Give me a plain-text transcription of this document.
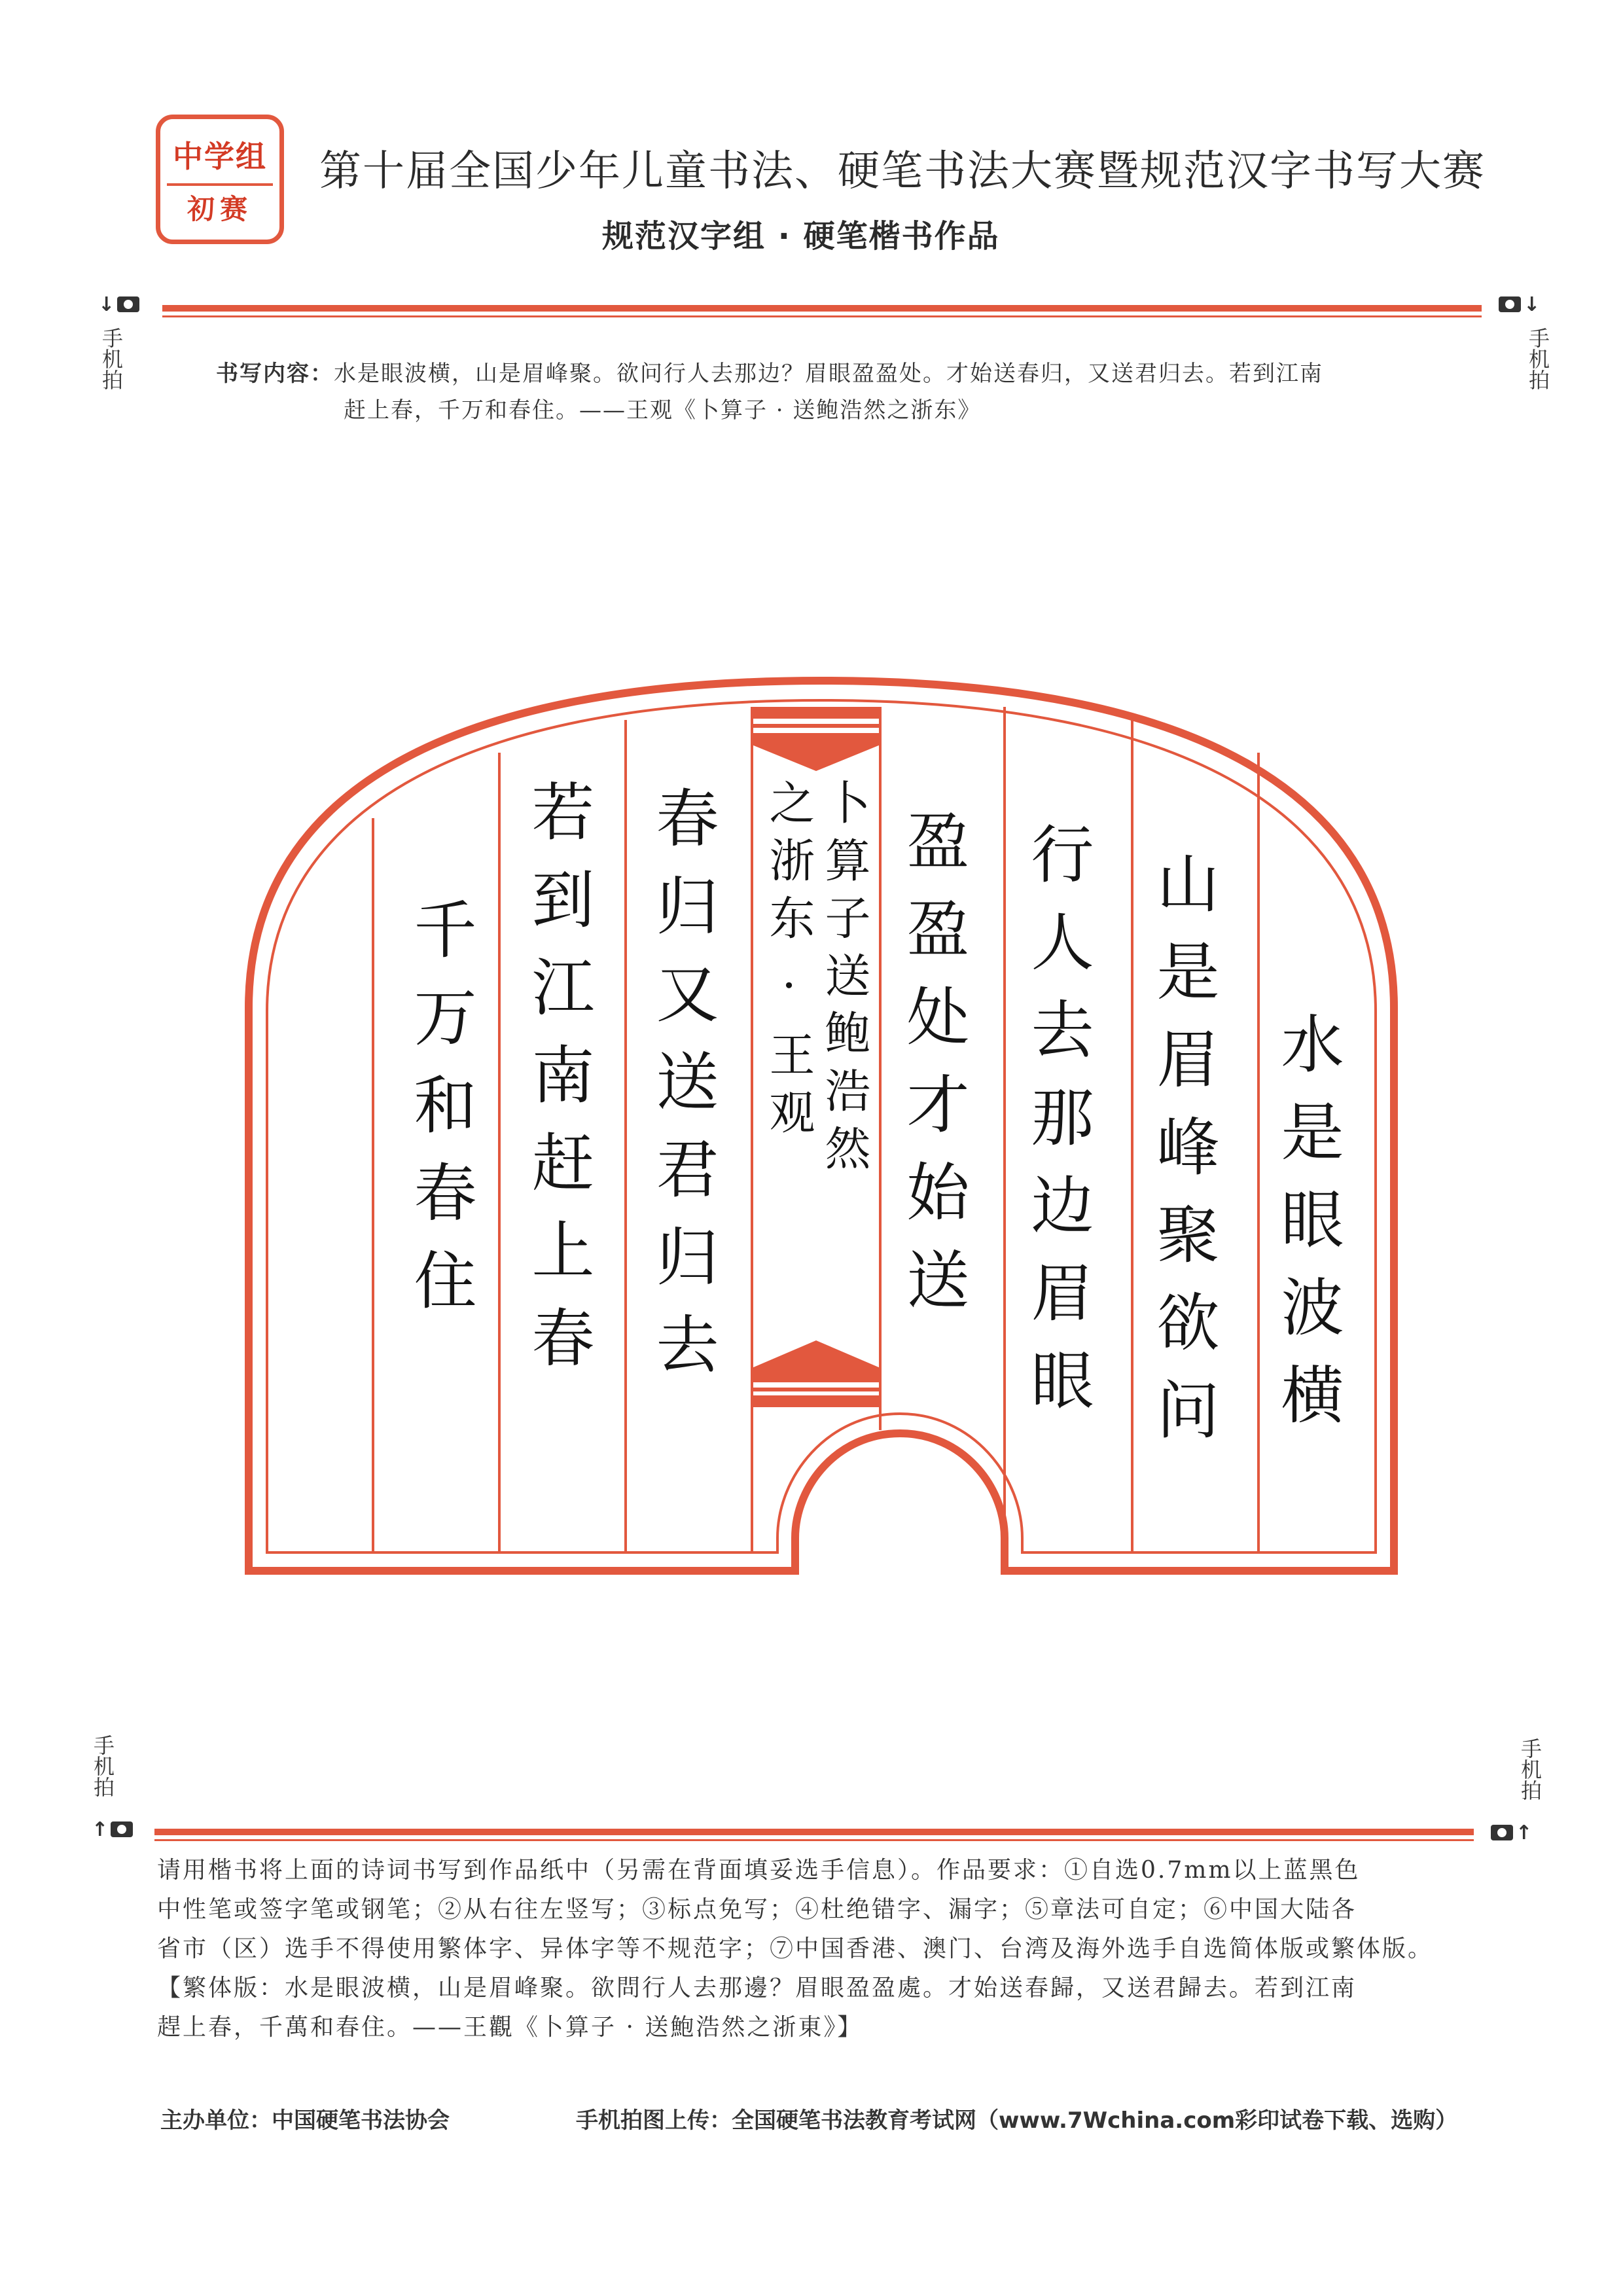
中学组
初赛
第十届全国少年儿童书法、硬笔书法大赛暨规范汉字书写大赛
规范汉字组 · 硬笔楷书作品
↓
手机拍
↓
手机拍
书写内容：水是眼波横，山是眉峰聚。欲问行人去那边？眉眼盈盈处。才始送春归，又送君归去。若到江南
赶上春，千万和春住。——王观《卜算子 · 送鲍浩然之浙东》
水是眼波横
山是眉峰聚欲问
行人去那边眉眼
盈盈处才始送
春归又送君归去
若到江南赶上春
千万和春住	卜算子送鲍浩然
之浙东 · 王观
手机拍
↑
手机拍
↑
请用楷书将上面的诗词书写到作品纸中（另需在背面填妥选手信息）。作品要求：①自选0.7mm以上蓝黑色
中性笔或签字笔或钢笔；②从右往左竖写；③标点免写；④杜绝错字、漏字；⑤章法可自定；⑥中国大陆各
省市（区）选手不得使用繁体字、异体字等不规范字；⑦中国香港、澳门、台湾及海外选手自选简体版或繁体版。
【繁体版：水是眼波横，山是眉峰聚。欲問行人去那邊？眉眼盈盈處。才始送春歸，又送君歸去。若到江南
趕上春，千萬和春住。——王觀《卜算子 · 送鮑浩然之浙東》】
主办单位：中国硬笔书法协会	手机拍图上传：全国硬笔书法教育考试网（www.7Wchina.com彩印试卷下载、选购）
